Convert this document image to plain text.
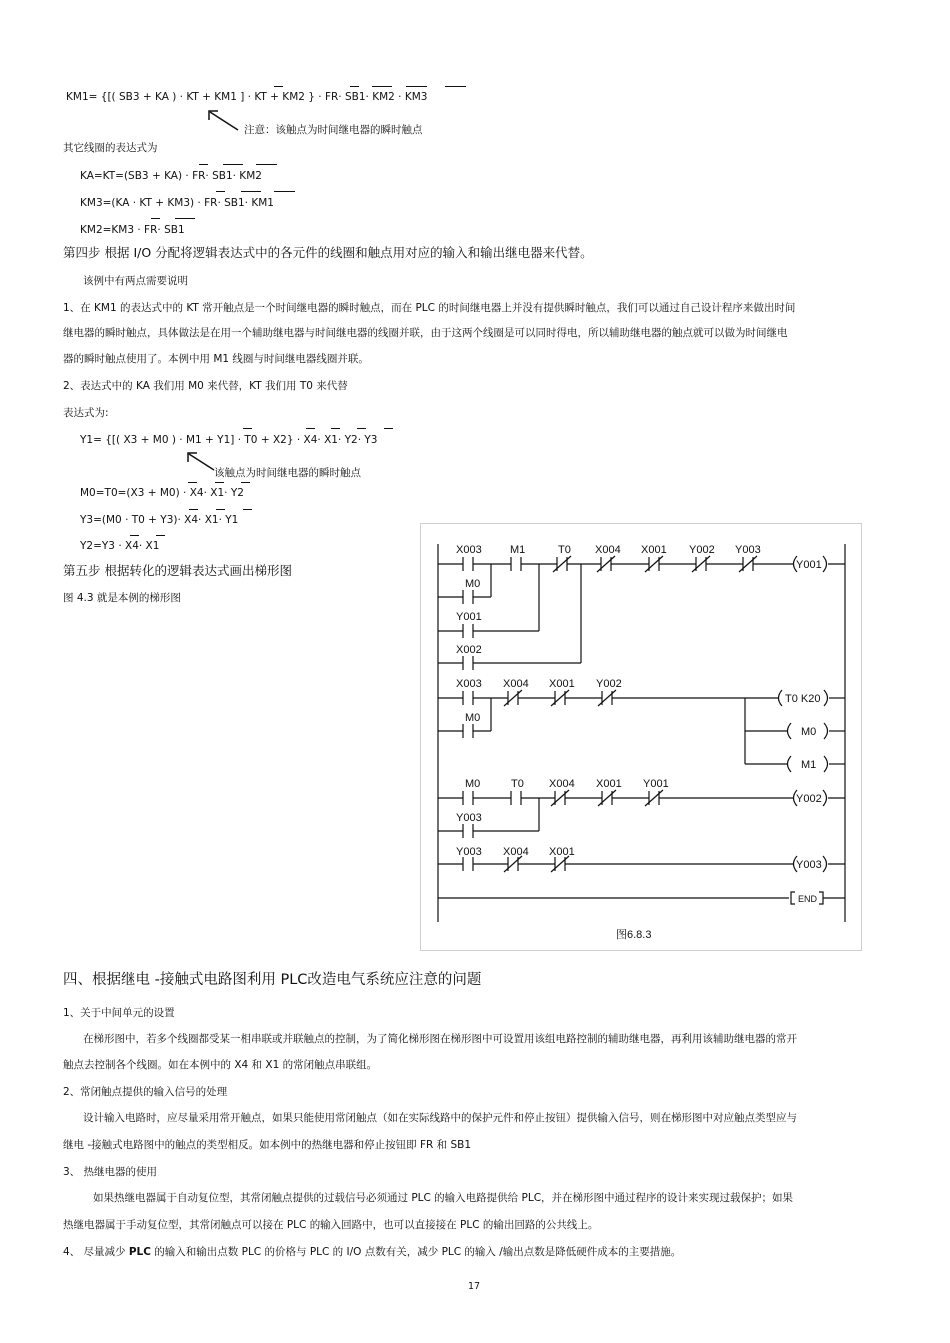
KM1= {[( SB3 + KA ) · KT + KM1 ] · KT + KM2 } · FR· SB1· KM2 · KM3
注意：该触点为时间继电器的瞬时触点
其它线圈的表达式为
KA=KT=(SB3 + KA) · FR· SB1· KM2
KM3=(KA · KT + KM3) · FR· SB1· KM1
KM2=KM3 · FR· SB1
第四步 根据 I/O 分配将逻辑表达式中的各元件的线圈和触点用对应的输入和输出继电器来代替。
该例中有两点需要说明
1、在 KM1 的表达式中的 KT 常开触点是一个时间继电器的瞬时触点，而在 PLC 的时间继电器上并没有提供瞬时触点，我们可以通过自己设计程序来做出时间
继电器的瞬时触点，具体做法是在用一个辅助继电器与时间继电器的线圈并联，由于这两个线圈是可以同时得电，所以辅助继电器的触点就可以做为时间继电
器的瞬时触点使用了。本例中用 M1 线圈与时间继电器线圈并联。
2、表达式中的 KA 我们用 M0 来代替，KT 我们用 T0 来代替
表达式为:
Y1= {[( X3 + M0 ) · M1 + Y1] · T0 + X2} · X4· X1· Y2· Y3
该触点为时间继电器的瞬时触点
M0=T0=(X3 + M0) · X4· X1· Y2
Y3=(M0 · T0 + Y3)· X4· X1· Y1
Y2=Y3 · X4· X1
第五步 根据转化的逻辑表达式画出梯形图
图 4.3 就是本例的梯形图
X003	M1	T0 X004 X001 Y002 Y003
Y001
M0
Y001
X002
X003 X004 X001 Y002
T0 K20
M0
M0
M1
M0	T0 X004 X001 Y001
Y002
Y003
Y003 X004 X001
Y003
END
图6.8.3
四、根据继电 -接触式电路图利用 PLC改造电气系统应注意的问题
1、关于中间单元的设置
在梯形图中，若多个线圈都受某一相串联或并联触点的控制，为了简化梯形图在梯形图中可设置用该组电路控制的辅助继电器，再利用该辅助继电器的常开
触点去控制各个线圈。如在本例中的 X4 和 X1 的常闭触点串联组。
2、常闭触点提供的输入信号的处理
设计输入电路时，应尽量采用常开触点，如果只能使用常闭触点（如在实际线路中的保护元件和停止按钮）提供输入信号，则在梯形图中对应触点类型应与
继电 -接触式电路图中的触点的类型相反。如本例中的热继电器和停止按钮即 FR 和 SB1
3、 热继电器的使用
如果热继电器属于自动复位型，其常闭触点提供的过载信号必须通过 PLC 的输入电路提供给 PLC，并在梯形图中通过程序的设计来实现过载保护；如果
热继电器属于手动复位型，其常闭触点可以接在 PLC 的输入回路中，也可以直接接在 PLC 的输出回路的公共线上。
4、 尽量减少 PLC 的输入和输出点数 PLC 的价格与 PLC 的 I/O 点数有关，减少 PLC 的输入 /输出点数是降低硬件成本的主要措施。
17
